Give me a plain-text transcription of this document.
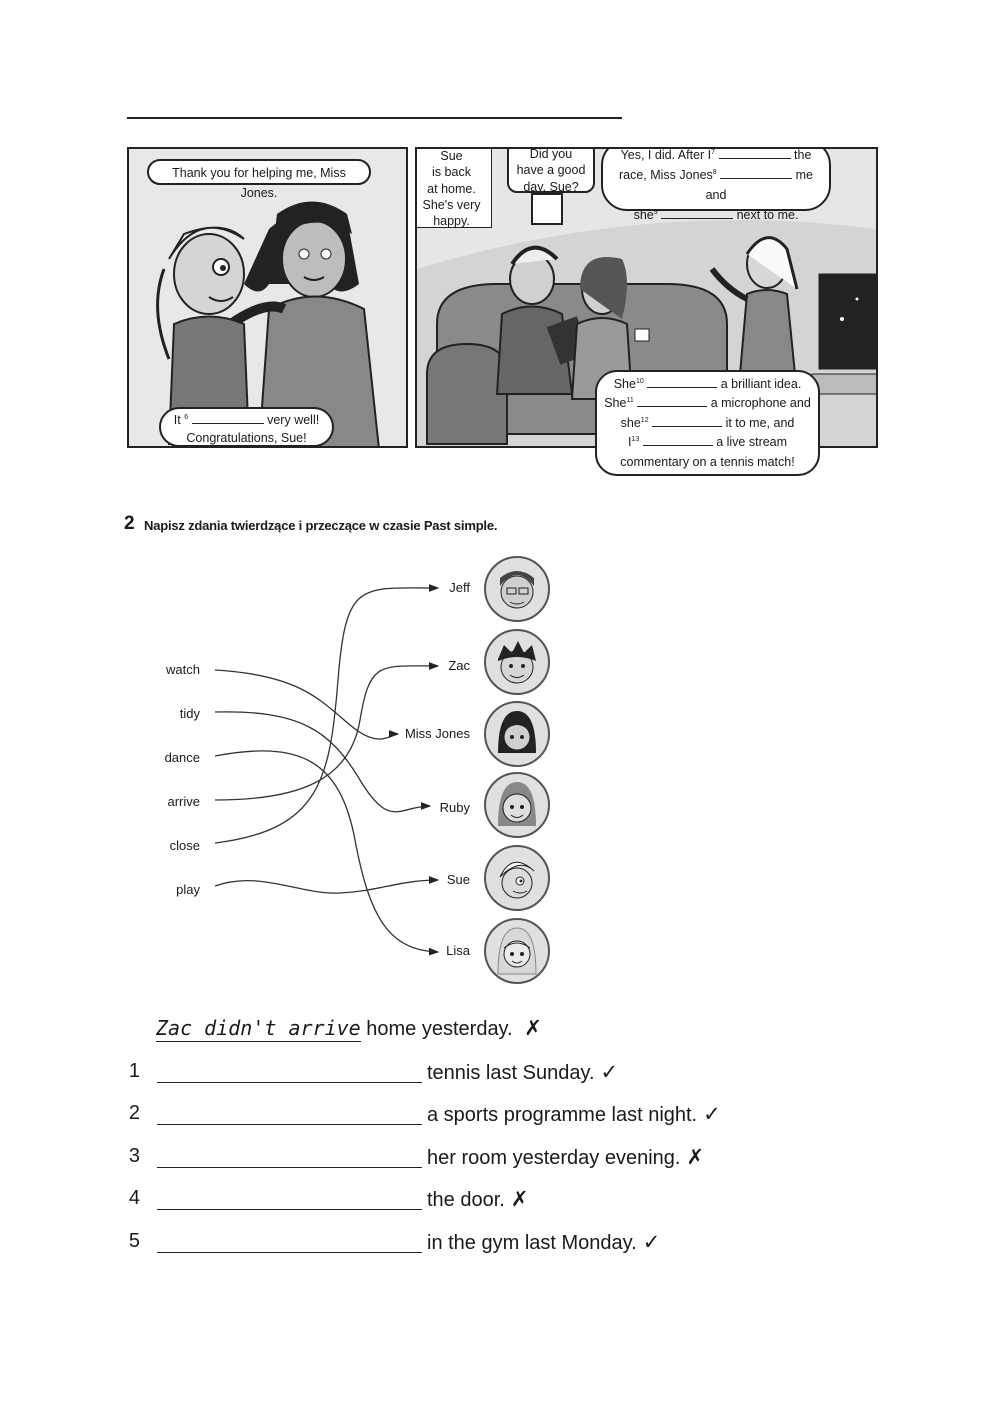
Thank you for helping me, Miss Jones.
It $^6$	very well!
Congratulations, Sue!
Sue
is back
at home.
She's very
happy.
Did you
have a good
day, Sue?
Yes, I did. After $I^7$	the
race, Miss Jones$^8$	me and
she$^9$	next to me.
She$^{10}$	a brilliant idea.
She$^{11}$	a microphone and
she$^{12}$	it to me, and
$I^{13}$	a live stream
commentary on a tennis match!
2 Napisz zdania twierdzące i przeczące w czasie Past simple.
watch
tidy
dance
arrive
close
play
Jeff
Zac
Miss Jones
Ruby
Sue
Lisa
Zac didn't arrive home yesterday. ✗
1	tennis last Sunday. ✓
2	a sports programme last night. ✓
3	her room yesterday evening. ✗
4	the door. ✗
5	in the gym last Monday. ✓
